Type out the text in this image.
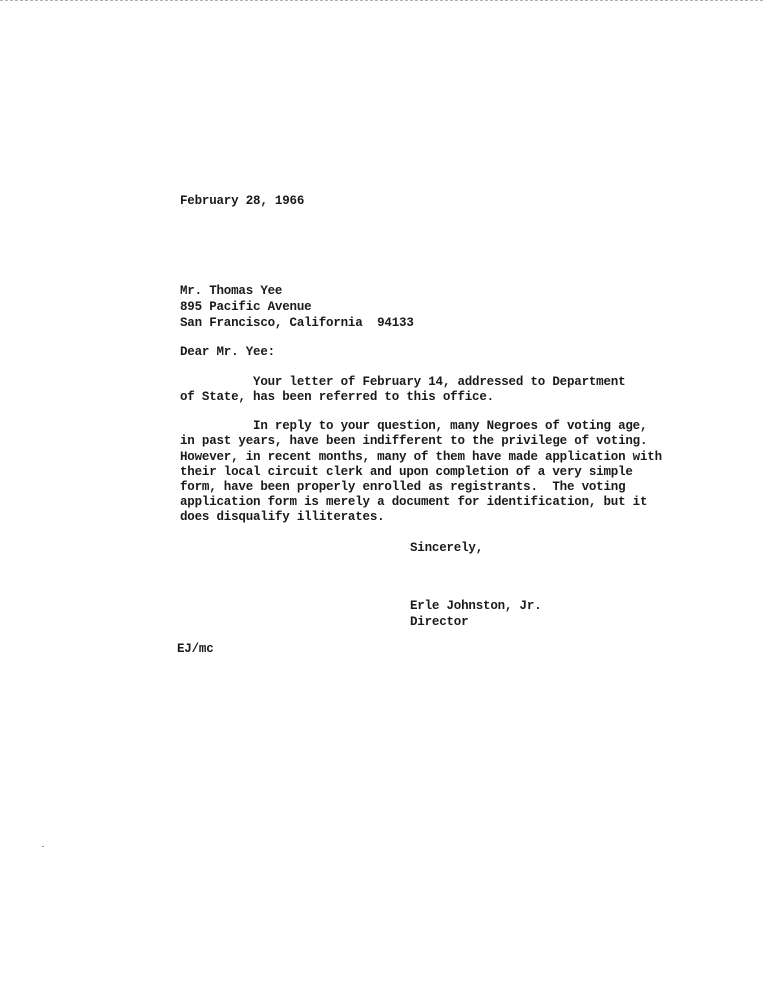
February 28, 1966
Mr. Thomas Yee
895 Pacific Avenue
San Francisco, California  94133
Dear Mr. Yee:
Your letter of February 14, addressed to Department
of State, has been referred to this office.
In reply to your question, many Negroes of voting age,
in past years, have been indifferent to the privilege of voting.
However, in recent months, many of them have made application with
their local circuit clerk and upon completion of a very simple
form, have been properly enrolled as registrants.  The voting
application form is merely a document for identification, but it
does disqualify illiterates.
Sincerely,
Erle Johnston, Jr.
Director
EJ/mc
